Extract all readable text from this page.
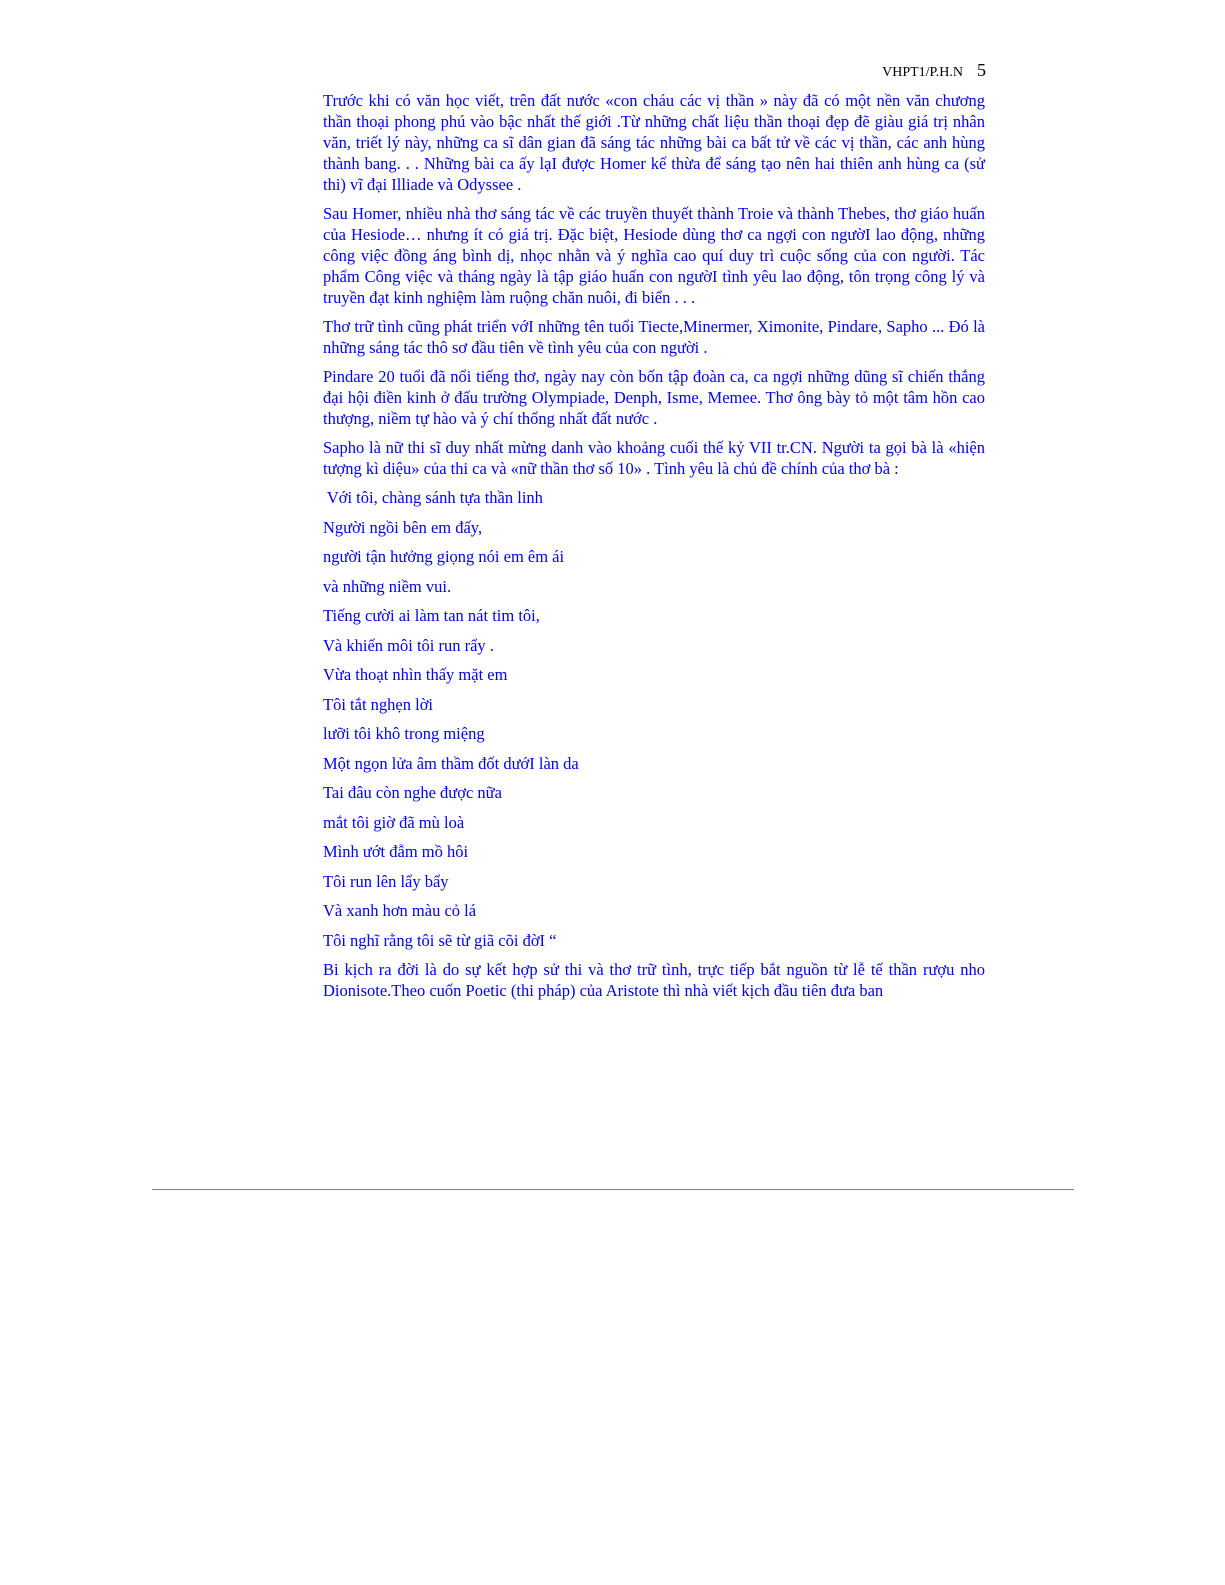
VHPT1/P.H.N 5

Trước khi có văn học viết, trên đất nước «con cháu các vị thần » này đã có một nền văn chương thần thoại phong phú vào bậc nhất thế giới .Từ những chất liệu thần thoại đẹp đẽ giàu giá trị nhân văn, triết lý này, những ca sĩ dân gian đã sáng tác những bài ca bất tử về các vị thần, các anh hùng thành bang. . . Những bài ca ấy lạI được Homer kế thừa để sáng tạo nên hai thiên anh hùng ca (sử thi) vĩ đại Illiade và Odyssee .

Sau Homer, nhiều nhà thơ sáng tác về các truyền thuyết thành Troie và thành Thebes, thơ giáo huấn của Hesiode… nhưng ít có giá trị. Đặc biệt, Hesiode dùng thơ ca ngợi con ngườI lao động, những công việc đồng áng bình dị, nhọc nhằn và ý nghĩa cao quí duy trì cuộc sống của con người. Tác phẩm Công việc và tháng ngày là tập giáo huấn con ngườI tình yêu lao động, tôn trọng công lý và truyền đạt kinh nghiệm làm ruộng chăn nuôi, đi biển . . .

Thơ trữ tình cũng phát triển vớI những tên tuổi Tiecte,Minermer, Ximonite, Pindare, Sapho ... Đó là những sáng tác thô sơ đầu tiên về tình yêu của con người .

Pindare 20 tuổi đã nổi tiếng thơ, ngày nay còn bốn tập đoàn ca, ca ngợi những dũng sĩ chiến thắng đại hội điền kinh ở đấu trường Olympiade, Denph, Isme, Memee. Thơ ông bày tỏ một tâm hồn cao thượng, niềm tự hào và ý chí thống nhất đất nước .

Sapho là nữ thi sĩ duy nhất mừng danh vào khoảng cuối thế kỷ VII tr.CN. Người ta gọi bà là «hiện tượng kì diệu» của thi ca và «nữ thần thơ số 10» . Tình yêu là chủ đề chính của thơ bà :

Với tôi, chàng sánh tựa thần linh

Người ngồi bên em đấy,

người tận hưởng giọng nói em êm ái

và những niềm vui.

Tiếng cười ai làm tan nát tim tôi,

Và khiến môi tôi run rẩy .

Vừa thoạt nhìn thấy mặt em

Tôi tắt nghẹn lời

lưỡi tôi khô trong miệng

Một ngọn lửa âm thầm đốt dướI làn da

Tai đâu còn nghe được nữa

mắt tôi giờ đã mù loà

Mình ướt đẫm mồ hôi

Tôi run lên lẩy bẩy

Và xanh hơn màu cỏ lá

Tôi nghĩ rằng tôi sẽ từ giã cõi đờI “

Bi kịch ra đời là do sự kết hợp sử thi và thơ trữ tình, trực tiếp bắt nguồn từ lễ tế thần rượu nho Dionisote.Theo cuốn Poetic (thi pháp) của Aristote thì nhà viết kịch đầu tiên đưa ban
